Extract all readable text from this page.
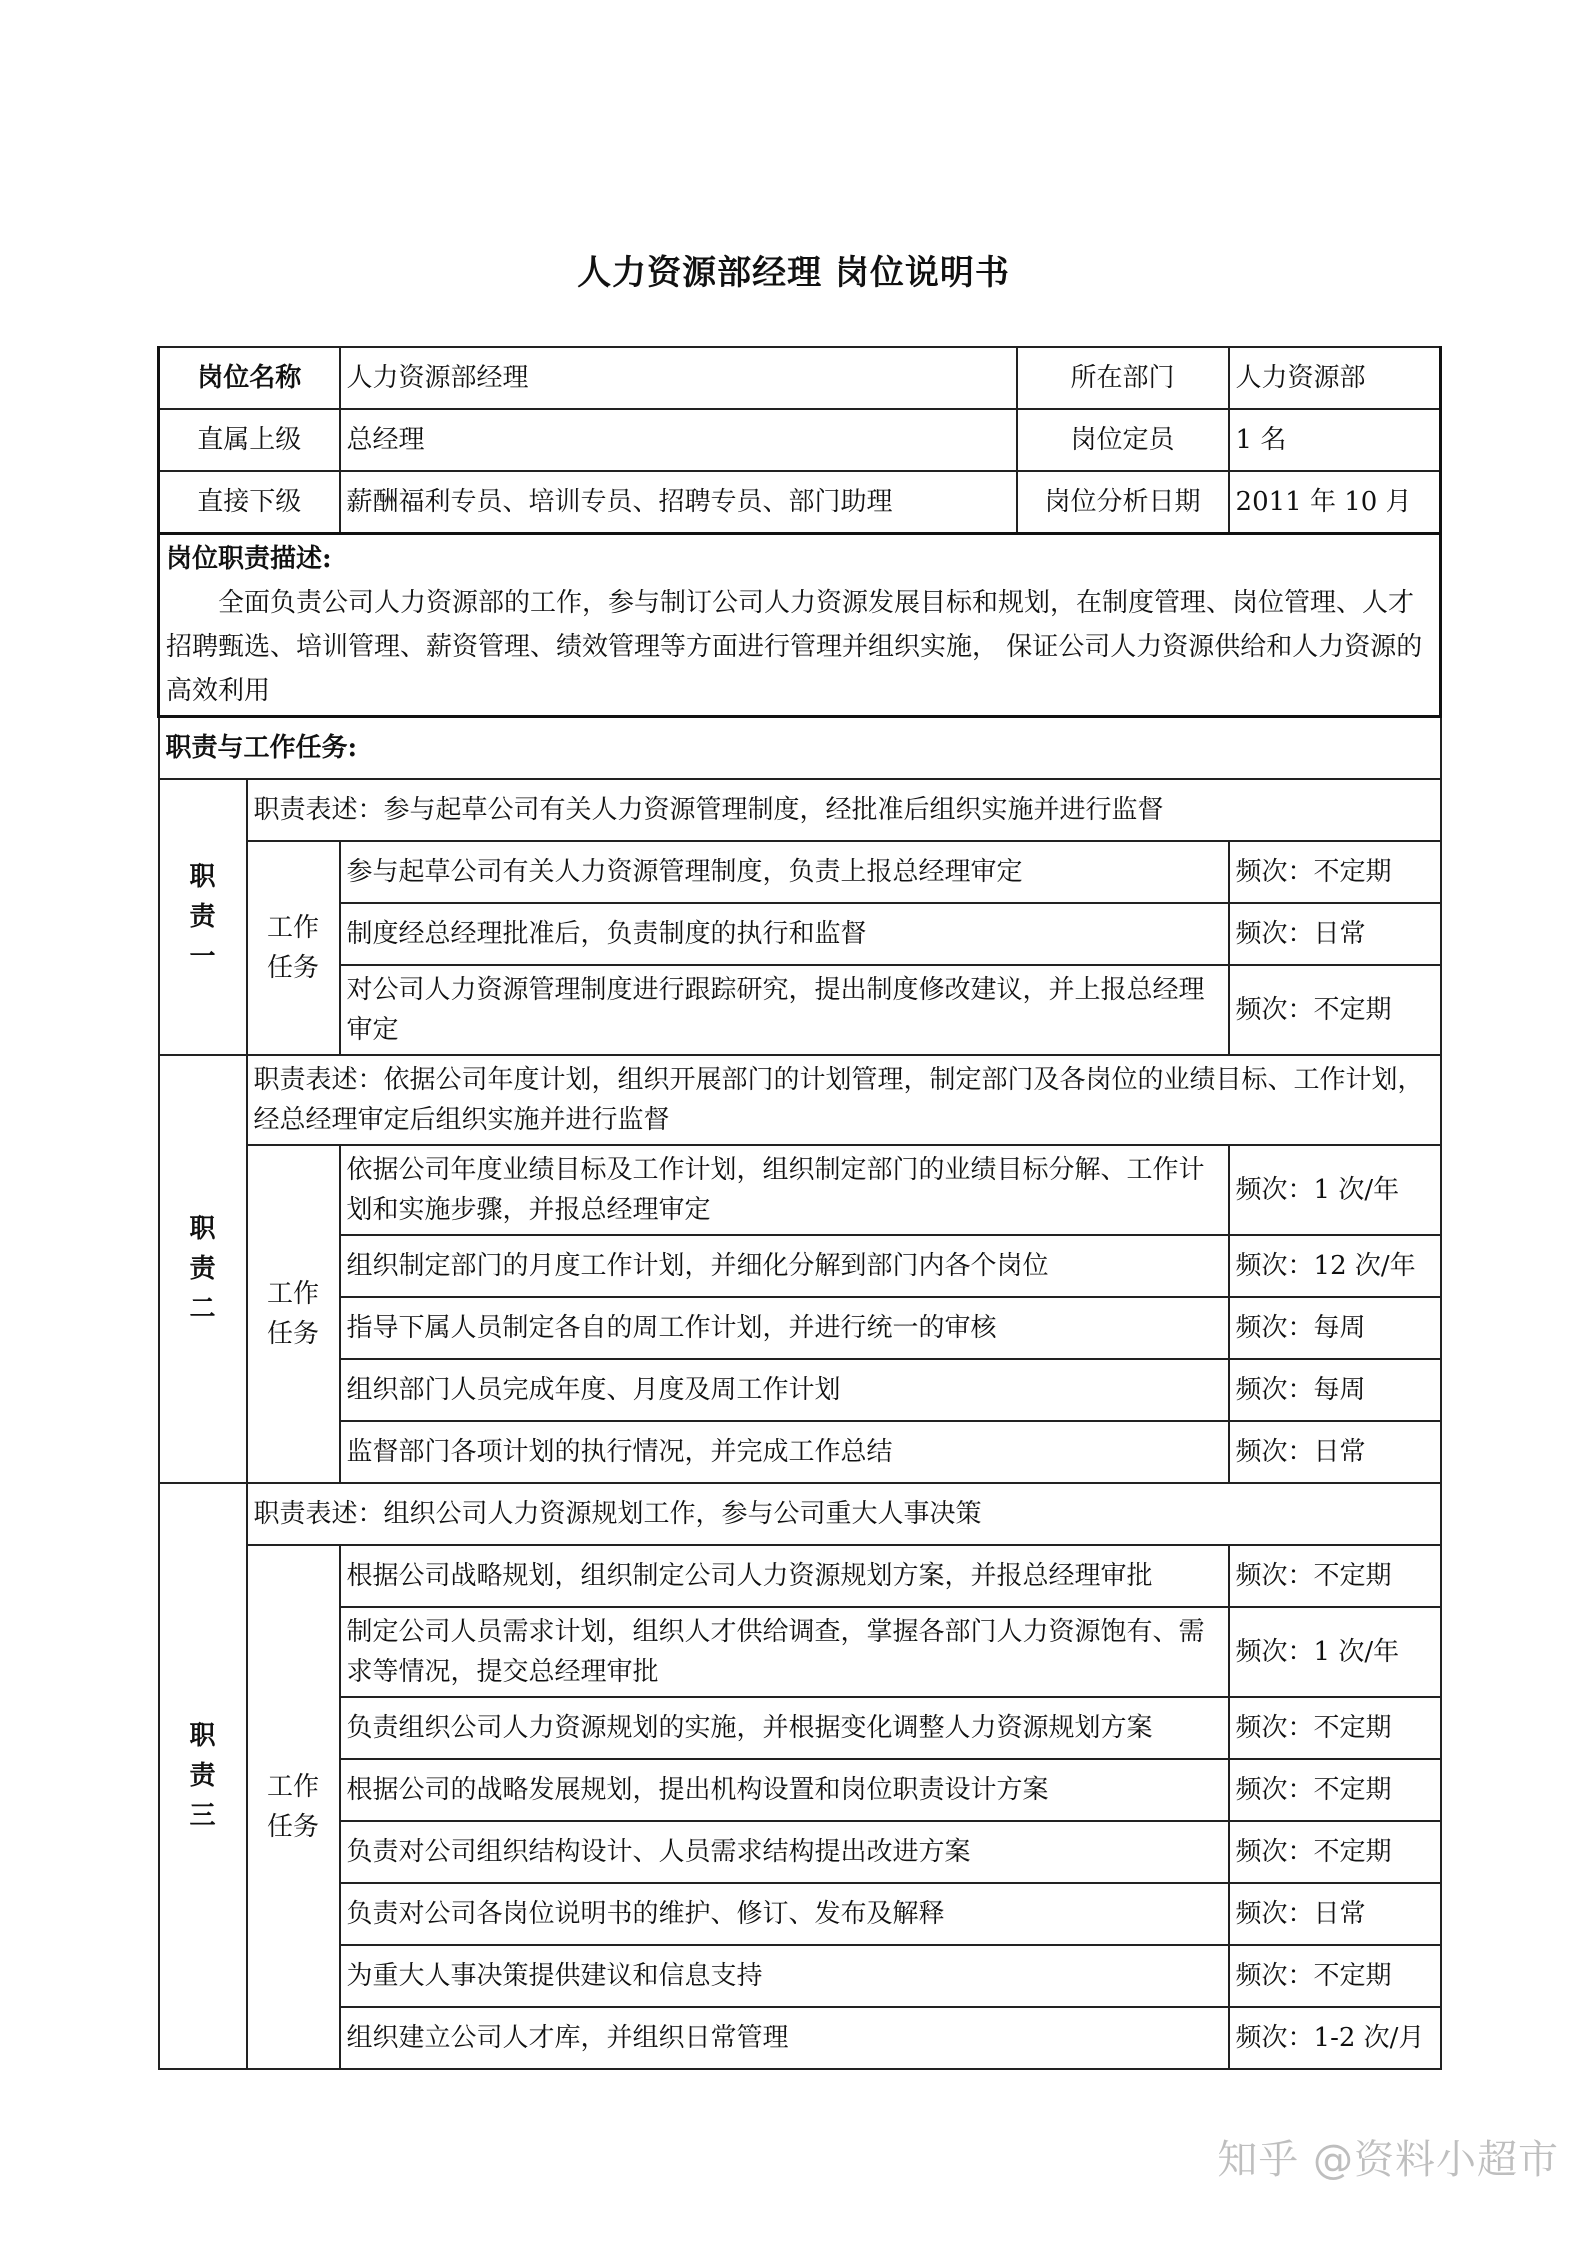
人力资源部经理 岗位说明书
岗位名称		人力资源部经理	所在部门	人力资源部
直属上级		总经理	岗位定员	1 名
直接下级		薪酬福利专员、培训专员、招聘专员、部门助理	岗位分析日期	2011 年 10 月

岗位职责描述:
全面负责公司人力资源部的工作，参与制订公司人力资源发展目标和规划，在制度管理、岗位管理、人才招聘甄选、培训管理、薪资管理、绩效管理等方面进行管理并组织实施， 保证公司人力资源供给和人力资源的高效利用				

职责与工作任务:				

职
责
一	职责表述：参与起草公司有关人力资源管理制度，经批准后组织实施并进行监督			

	工作
任务	参与起草公司有关人力资源管理制度，负责上报总经理审定		频次：不定期
		制度经总经理批准后，负责制度的执行和监督		频次：日常
		对公司人力资源管理制度进行跟踪研究，提出制度修改建议，并上报总经理审定		频次：不定期

职
责
二	职责表述：依据公司年度计划，组织开展部门的计划管理，制定部门及各岗位的业绩目标、工作计划，经总经理审定后组织实施并进行监督			

	工作
任务	依据公司年度业绩目标及工作计划，组织制定部门的业绩目标分解、工作计划和实施步骤，并报总经理审定		频次：1 次/年
		组织制定部门的月度工作计划，并细化分解到部门内各个岗位		频次：12 次/年
		指导下属人员制定各自的周工作计划，并进行统一的审核		频次：每周
		组织部门人员完成年度、月度及周工作计划		频次：每周
		监督部门各项计划的执行情况，并完成工作总结		频次：日常

职
责
三	职责表述：组织公司人力资源规划工作，参与公司重大人事决策			

	工作
任务	根据公司战略规划，组织制定公司人力资源规划方案，并报总经理审批		频次：不定期
		制定公司人员需求计划，组织人才供给调查，掌握各部门人力资源饱有、需求等情况，提交总经理审批		频次：1 次/年
		负责组织公司人力资源规划的实施，并根据变化调整人力资源规划方案		频次：不定期
		根据公司的战略发展规划，提出机构设置和岗位职责设计方案		频次：不定期
		负责对公司组织结构设计、人员需求结构提出改进方案		频次：不定期
		负责对公司各岗位说明书的维护、修订、发布及解释		频次：日常
		为重大人事决策提供建议和信息支持		频次：不定期
		组织建立公司人才库，并组织日常管理		频次：1-2 次/月
知乎 @资料小超市
